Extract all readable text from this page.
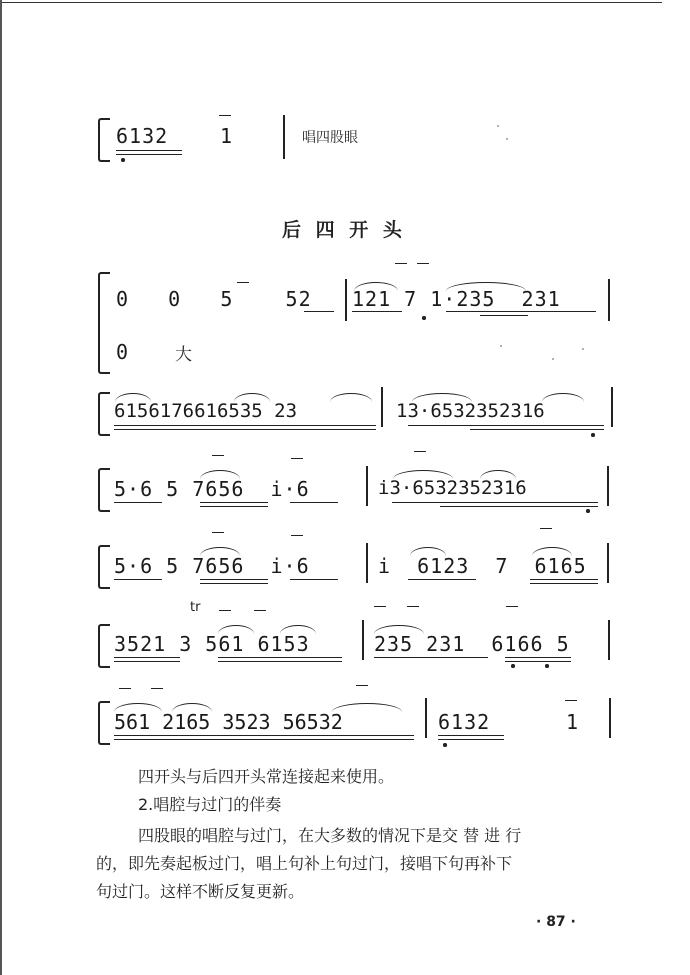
6132	1	唱四股眼
后 四 开 头
0   0   5    52 121 7 1·235  231
0	大
6156176616535 23	13·6532352316
5·6 5 7656  i·6	i3·6532352316
5·6 5 7656  i·6	i  6123  7  6165
tr
3521 3 561 6153	235 231  6166 5
561 2165 3523 56532	6132	1
四开头与后四开头常连接起来使用。
2.唱腔与过门的伴奏
四股眼的唱腔与过门，在大多数的情况下是交 替 进 行
的，即先奏起板过门，唱上句补上句过门，接唱下句再补下
句过门。这样不断反复更新。
· 87 ·
